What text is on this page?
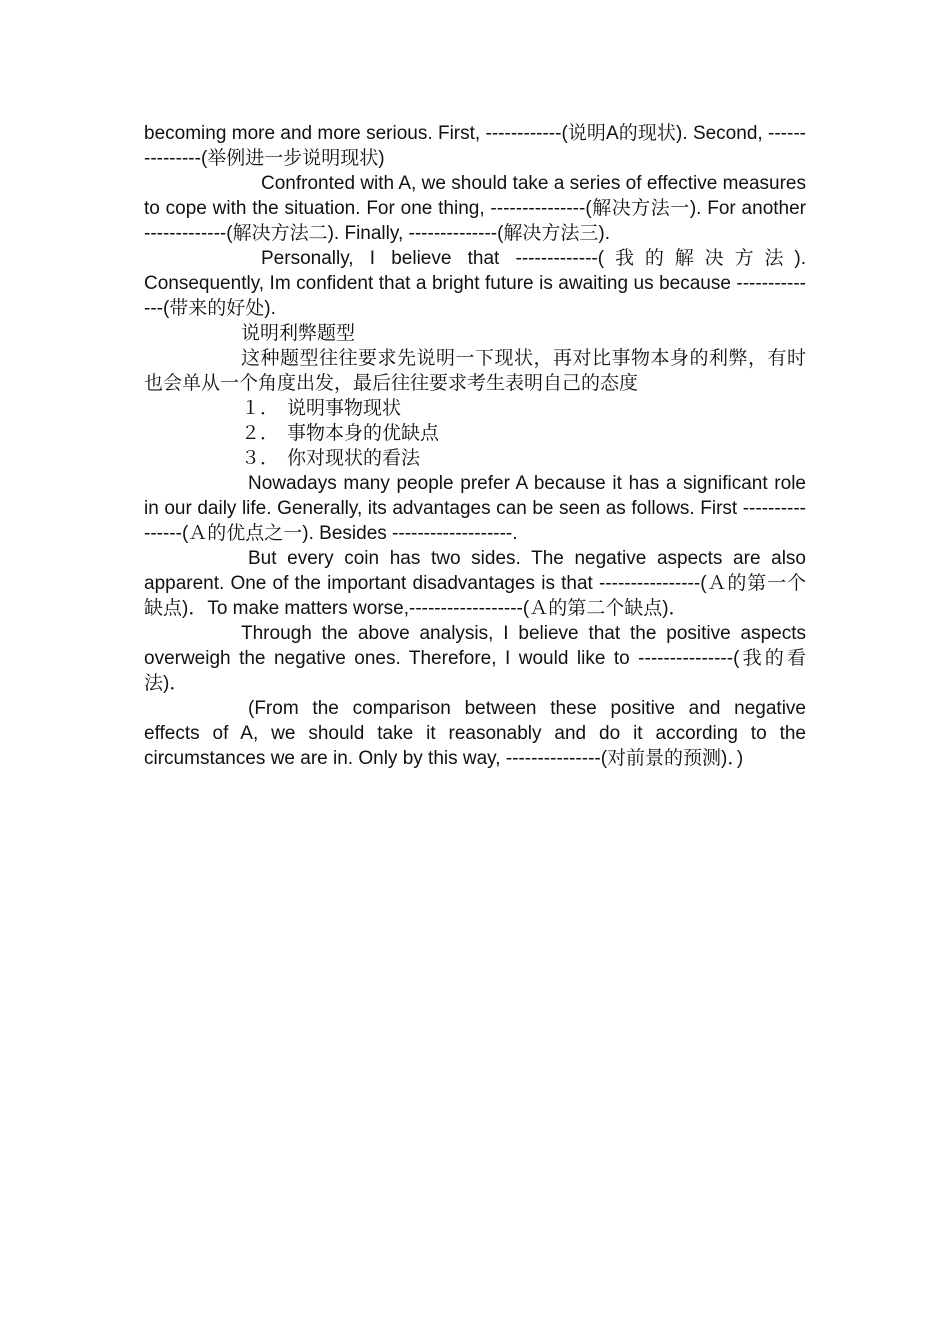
becoming more and more serious. First, ------------(说明A的现状). Second, ---------------(举例进一步说明现状)

Confronted with A, we should take a series of effective measures to cope with the situation. For one thing, ---------------(解决方法一). For another -------------(解决方法二). Finally, --------------(解决方法三).

Personally, I believe that -------------(我的解决方法). Consequently, Im confident that a bright future is awaiting us because --------------(带来的好处).

说明利弊题型

这种题型往往要求先说明一下现状，再对比事物本身的利弊，有时也会单从一个角度出发，最后往往要求考生表明自己的态度

１． 说明事物现状
２． 事物本身的优缺点
３． 你对现状的看法

Nowadays many people prefer A because it has a significant role in our daily life. Generally, its advantages can be seen as follows. First ----------------(Ａ的优点之一). Besides -------------------.

But every coin has two sides. The negative aspects are also apparent. One of the important disadvantages is that ----------------(Ａ的第一个缺点)．To make matters worse,------------------(Ａ的第二个缺点)．

Through the above analysis, I believe that the positive aspects overweigh the negative ones. Therefore, I would like to ---------------(我的看法)．

(From the comparison between these positive and negative effects of A, we should take it reasonably and do it according to the circumstances we are in. Only by this way, ---------------(对前景的预测)．)
